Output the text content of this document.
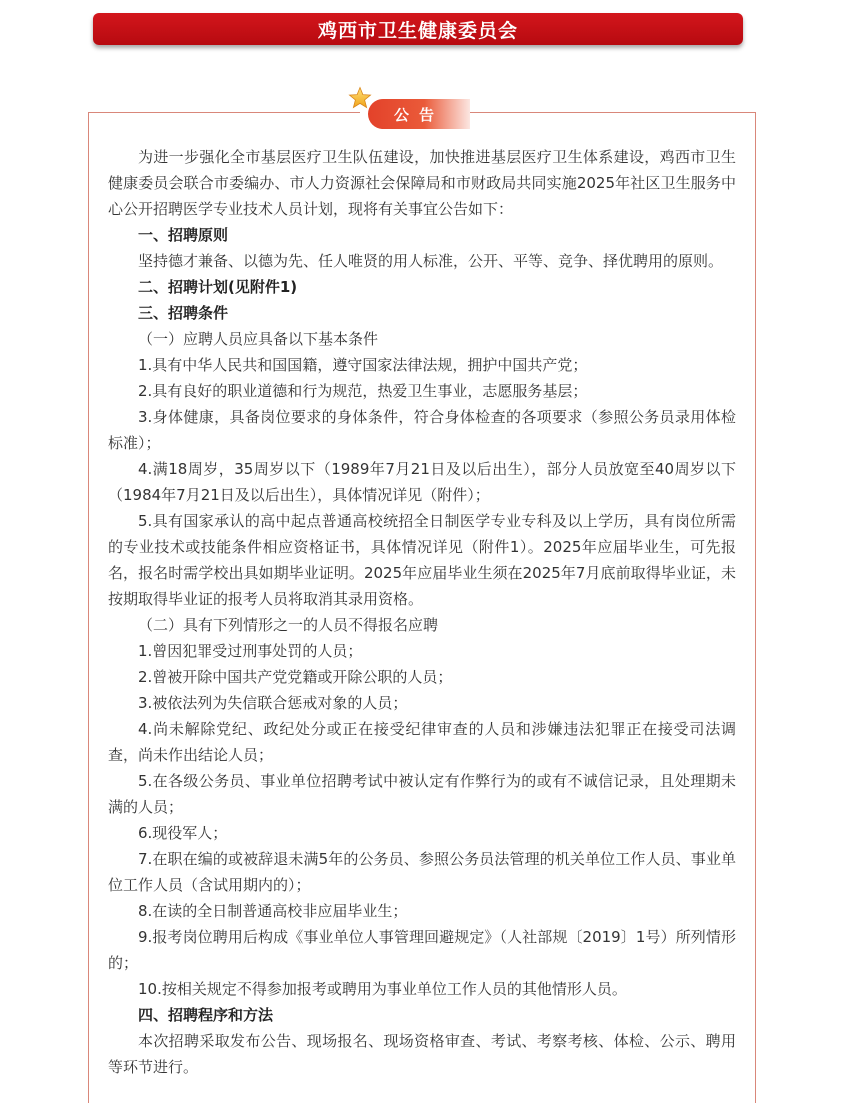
鸡西市卫生健康委员会
公告

为进一步强化全市基层医疗卫生队伍建设，加快推进基层医疗卫生体系建设，鸡西市卫生健康委员会联合市委编办、市人力资源社会保障局和市财政局共同实施2025年社区卫生服务中心公开招聘医学专业技术人员计划，现将有关事宜公告如下：

一、招聘原则

坚持德才兼备、以德为先、任人唯贤的用人标准，公开、平等、竞争、择优聘用的原则。

二、招聘计划(见附件1)

三、招聘条件

（一）应聘人员应具备以下基本条件

1.具有中华人民共和国国籍，遵守国家法律法规，拥护中国共产党；

2.具有良好的职业道德和行为规范，热爱卫生事业，志愿服务基层；

3.身体健康，具备岗位要求的身体条件，符合身体检查的各项要求（参照公务员录用体检标准）；

4.满18周岁，35周岁以下（1989年7月21日及以后出生），部分人员放宽至40周岁以下（1984年7月21日及以后出生），具体情况详见（附件）；

5.具有国家承认的高中起点普通高校统招全日制医学专业专科及以上学历，具有岗位所需的专业技术或技能条件相应资格证书，具体情况详见（附件1）。2025年应届毕业生，可先报名，报名时需学校出具如期毕业证明。2025年应届毕业生须在2025年7月底前取得毕业证，未按期取得毕业证的报考人员将取消其录用资格。

（二）具有下列情形之一的人员不得报名应聘

1.曾因犯罪受过刑事处罚的人员；

2.曾被开除中国共产党党籍或开除公职的人员；

3.被依法列为失信联合惩戒对象的人员；

4.尚未解除党纪、政纪处分或正在接受纪律审查的人员和涉嫌违法犯罪正在接受司法调查，尚未作出结论人员；

5.在各级公务员、事业单位招聘考试中被认定有作弊行为的或有不诚信记录，且处理期未满的人员；

6.现役军人；

7.在职在编的或被辞退未满5年的公务员、参照公务员法管理的机关单位工作人员、事业单位工作人员（含试用期内的）；

8.在读的全日制普通高校非应届毕业生；

9.报考岗位聘用后构成《事业单位人事管理回避规定》（人社部规〔2019〕1号）所列情形的；

10.按相关规定不得参加报考或聘用为事业单位工作人员的其他情形人员。

四、招聘程序和方法

本次招聘采取发布公告、现场报名、现场资格审查、考试、考察考核、体检、公示、聘用等环节进行。
